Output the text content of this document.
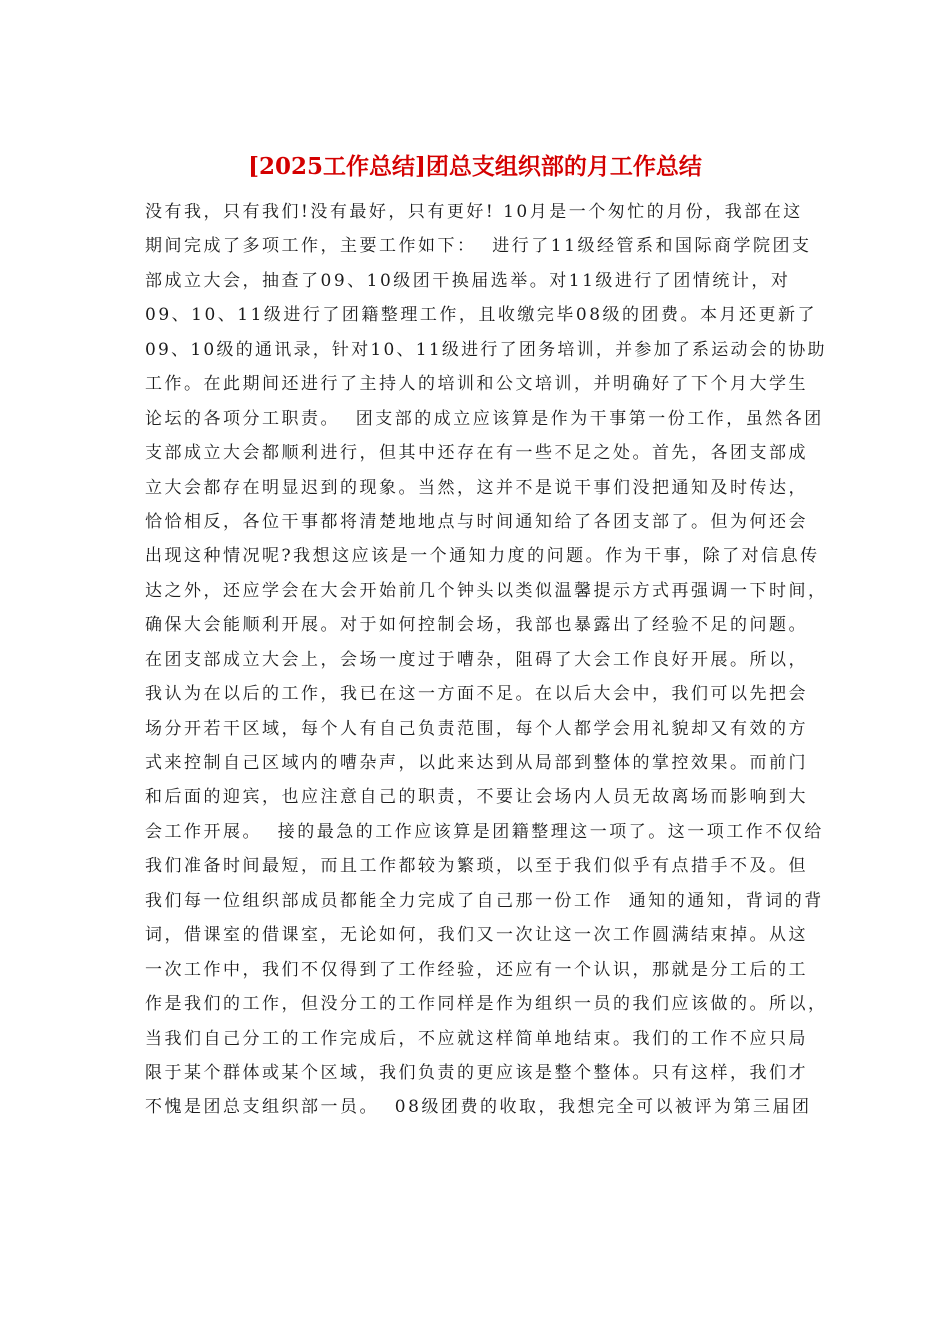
[2025工作总结]团总支组织部的月工作总结
没有我，只有我们!没有最好，只有更好! 10月是一个匆忙的月份，我部在这
期间完成了多项工作，主要工作如下：  进行了11级经管系和国际商学院团支
部成立大会，抽查了09、10级团干换届选举。对11级进行了团情统计，对
09、10、11级进行了团籍整理工作，且收缴完毕08级的团费。本月还更新了
09、10级的通讯录，针对10、11级进行了团务培训，并参加了系运动会的协助
工作。在此期间还进行了主持人的培训和公文培训，并明确好了下个月大学生
论坛的各项分工职责。  团支部的成立应该算是作为干事第一份工作，虽然各团
支部成立大会都顺利进行，但其中还存在有一些不足之处。首先，各团支部成
立大会都存在明显迟到的现象。当然，这并不是说干事们没把通知及时传达，
恰恰相反，各位干事都将清楚地地点与时间通知给了各团支部了。但为何还会
出现这种情况呢?我想这应该是一个通知力度的问题。作为干事，除了对信息传
达之外，还应学会在大会开始前几个钟头以类似温馨提示方式再强调一下时间，
确保大会能顺利开展。对于如何控制会场，我部也暴露出了经验不足的问题。
在团支部成立大会上，会场一度过于嘈杂，阻碍了大会工作良好开展。所以，
我认为在以后的工作，我已在这一方面不足。在以后大会中，我们可以先把会
场分开若干区域，每个人有自己负责范围，每个人都学会用礼貌却又有效的方
式来控制自己区域内的嘈杂声，以此来达到从局部到整体的掌控效果。而前门
和后面的迎宾，也应注意自己的职责，不要让会场内人员无故离场而影响到大
会工作开展。  接的最急的工作应该算是团籍整理这一项了。这一项工作不仅给
我们准备时间最短，而且工作都较为繁琐，以至于我们似乎有点措手不及。但
我们每一位组织部成员都能全力完成了自己那一份工作  通知的通知，背词的背
词，借课室的借课室，无论如何，我们又一次让这一次工作圆满结束掉。从这
一次工作中，我们不仅得到了工作经验，还应有一个认识，那就是分工后的工
作是我们的工作，但没分工的工作同样是作为组织一员的我们应该做的。所以，
当我们自己分工的工作完成后，不应就这样简单地结束。我们的工作不应只局
限于某个群体或某个区域，我们负责的更应该是整个整体。只有这样，我们才
不愧是团总支组织部一员。  08级团费的收取，我想完全可以被评为第三届团
